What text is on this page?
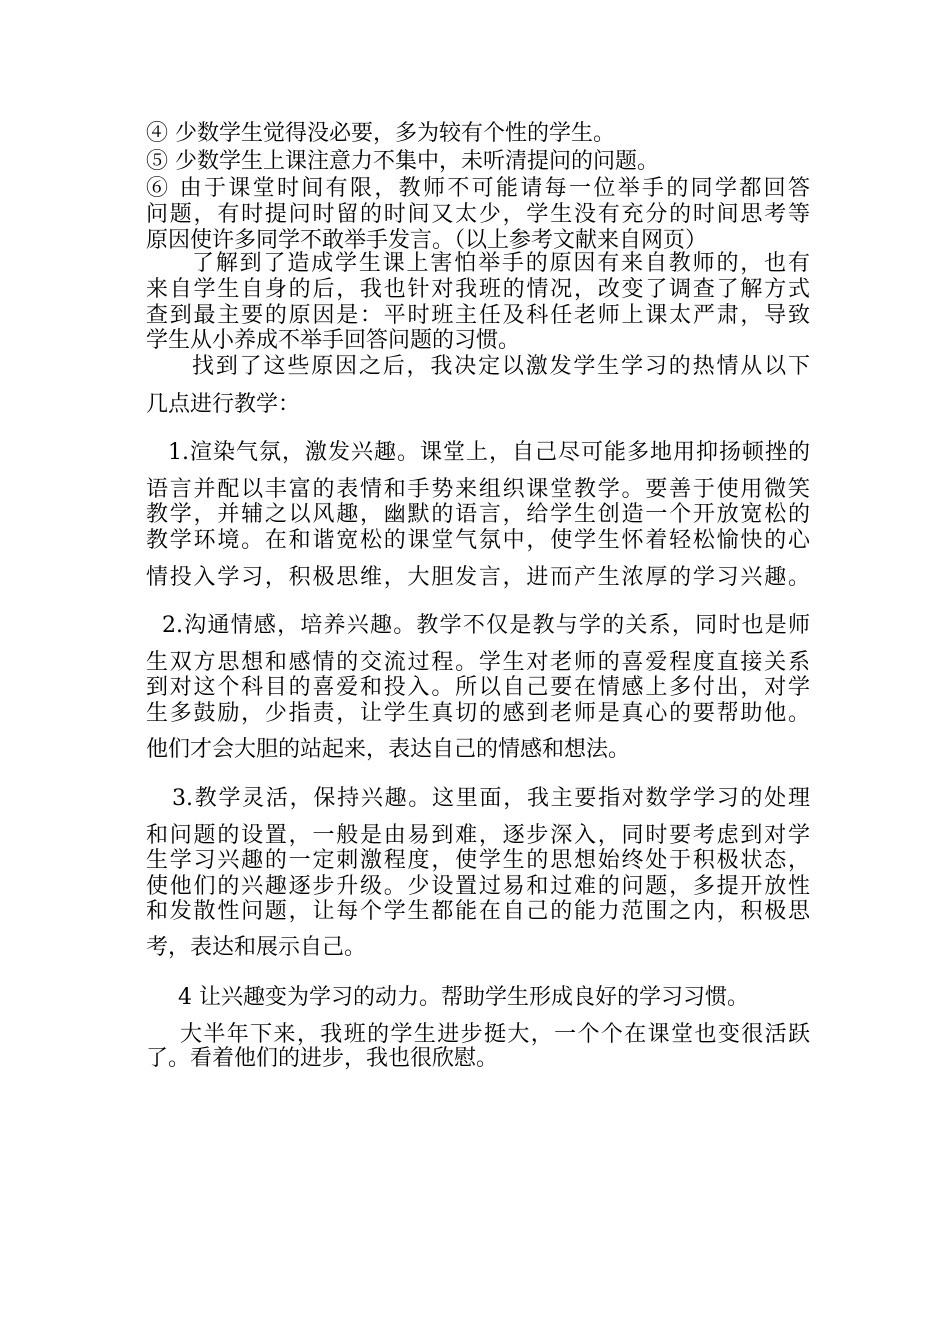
④ 少数学生觉得没必要，多为较有个性的学生。
⑤ 少数学生上课注意力不集中，未听清提问的问题。
⑥ 由于课堂时间有限，教师不可能请每一位举手的同学都回答
问题，有时提问时留的时间又太少，学生没有充分的时间思考等
原因使许多同学不敢举手发言。（以上参考文献来自网页）
了解到了造成学生课上害怕举手的原因有来自教师的，也有
来自学生自身的后，我也针对我班的情况，改变了调查了解方式
查到最主要的原因是：平时班主任及科任老师上课太严肃，导致
学生从小养成不举手回答问题的习惯。
找到了这些原因之后，我决定以激发学生学习的热情从以下
几点进行教学：
1.渲染气氛，激发兴趣。课堂上，自己尽可能多地用抑扬顿挫的
语言并配以丰富的表情和手势来组织课堂教学。要善于使用微笑
教学，并辅之以风趣，幽默的语言，给学生创造一个开放宽松的
教学环境。在和谐宽松的课堂气氛中，使学生怀着轻松愉快的心
情投入学习，积极思维，大胆发言，进而产生浓厚的学习兴趣。
2.沟通情感，培养兴趣。教学不仅是教与学的关系，同时也是师
生双方思想和感情的交流过程。学生对老师的喜爱程度直接关系
到对这个科目的喜爱和投入。所以自己要在情感上多付出，对学
生多鼓励，少指责，让学生真切的感到老师是真心的要帮助他。
他们才会大胆的站起来，表达自己的情感和想法。
3.教学灵活，保持兴趣。这里面，我主要指对数学学习的处理
和问题的设置，一般是由易到难，逐步深入，同时要考虑到对学
生学习兴趣的一定刺激程度，使学生的思想始终处于积极状态，
使他们的兴趣逐步升级。少设置过易和过难的问题，多提开放性
和发散性问题，让每个学生都能在自己的能力范围之内，积极思
考，表达和展示自己。
4 让兴趣变为学习的动力。帮助学生形成良好的学习习惯。
大半年下来，我班的学生进步挺大，一个个在课堂也变很活跃
了。看着他们的进步，我也很欣慰。
